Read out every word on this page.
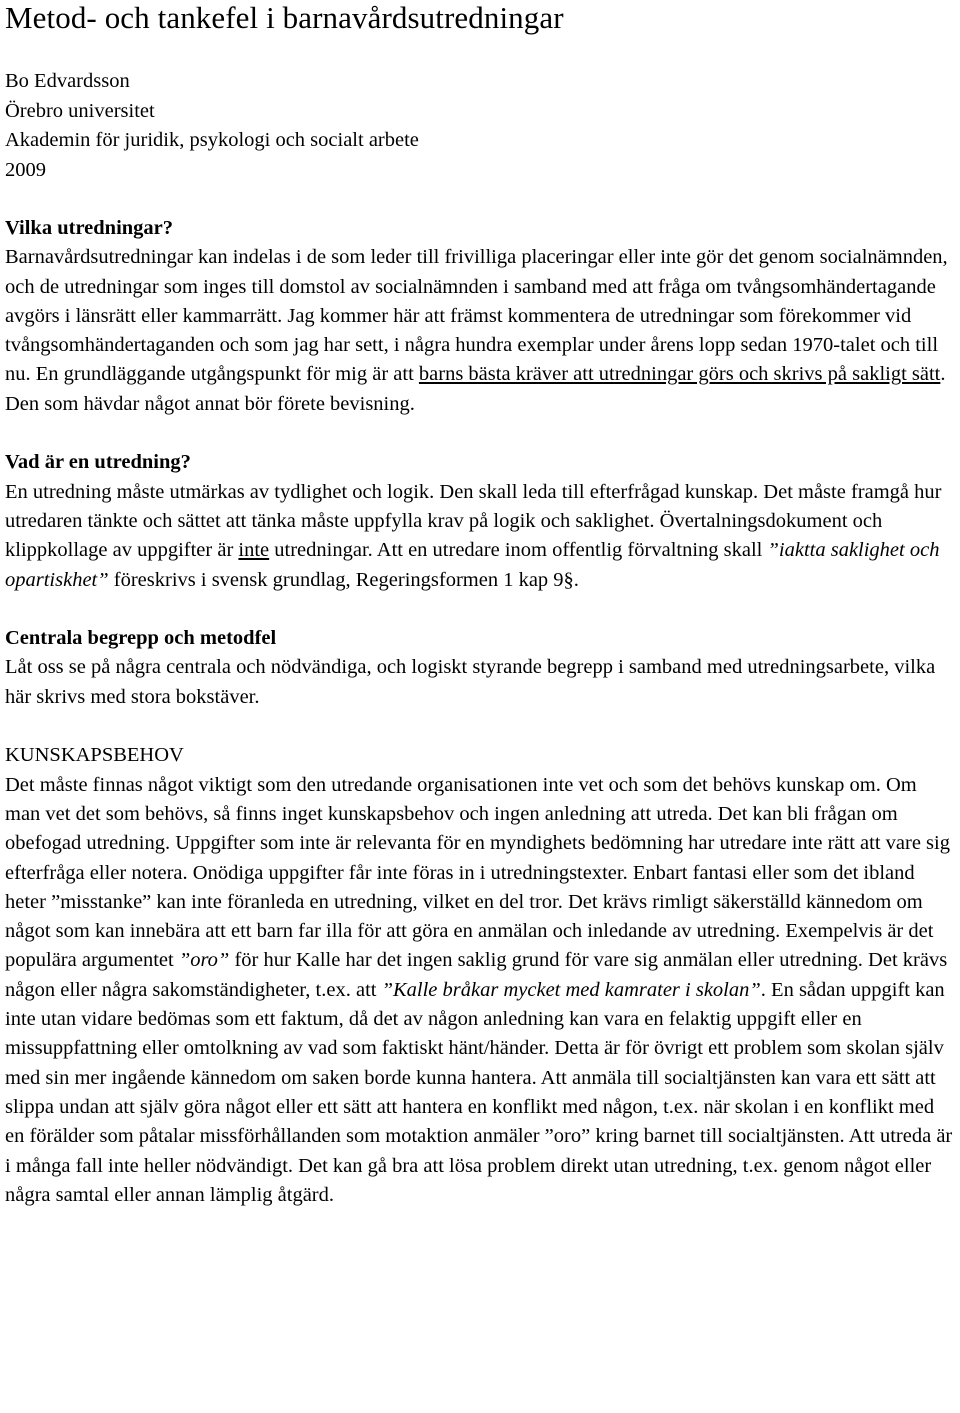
Metod- och tankefel i barnavårdsutredningar
Bo Edvardsson
Örebro universitet
Akademin för juridik, psykologi och socialt arbete
2009

Vilka utredningar?

Barnavårdsutredningar kan indelas i de som leder till frivilliga placeringar eller inte gör det genom socialnämnden, och de utredningar som inges till domstol av socialnämnden i samband med att fråga om tvångsomhändertagande avgörs i länsrätt eller kammarrätt. Jag kommer här att främst kommentera de utredningar som förekommer vid tvångsomhändertaganden och som jag har sett, i några hundra exemplar under årens lopp sedan 1970-talet och till nu. En grundläggande utgångspunkt för mig är att barns bästa kräver att utredningar görs och skrivs på sakligt sätt. Den som hävdar något annat bör förete bevisning.

Vad är en utredning?

En utredning måste utmärkas av tydlighet och logik. Den skall leda till efterfrågad kunskap. Det måste framgå hur utredaren tänkte och sättet att tänka måste uppfylla krav på logik och saklighet. Övertalningsdokument och klippkollage av uppgifter är inte utredningar. Att en utredare inom offentlig förvaltning skall ”iaktta saklighet och opartiskhet” föreskrivs i svensk grundlag, Regeringsformen 1 kap 9§.

Centrala begrepp och metodfel

Låt oss se på några centrala och nödvändiga, och logiskt styrande begrepp i samband med utredningsarbete, vilka här skrivs med stora bokstäver.

KUNSKAPSBEHOV

Det måste finnas något viktigt som den utredande organisationen inte vet och som det behövs kunskap om. Om man vet det som behövs, så finns inget kunskapsbehov och ingen anledning att utreda. Det kan bli frågan om obefogad utredning. Uppgifter som inte är relevanta för en myndighets bedömning har utredare inte rätt att vare sig efterfråga eller notera. Onödiga uppgifter får inte föras in i utredningstexter. Enbart fantasi eller som det ibland heter ”misstanke” kan inte föranleda en utredning, vilket en del tror. Det krävs rimligt säkerställd kännedom om något som kan innebära att ett barn far illa för att göra en anmälan och inledande av utredning. Exempelvis är det populära argumentet ”oro” för hur Kalle har det ingen saklig grund för vare sig anmälan eller utredning. Det krävs någon eller några sakomständigheter, t.ex. att ”Kalle bråkar mycket med kamrater i skolan”. En sådan uppgift kan inte utan vidare bedömas som ett faktum, då det av någon anledning kan vara en felaktig uppgift eller en missuppfattning eller omtolkning av vad som faktiskt hänt/händer. Detta är för övrigt ett problem som skolan själv med sin mer ingående kännedom om saken borde kunna hantera. Att anmäla till socialtjänsten kan vara ett sätt att slippa undan att själv göra något eller ett sätt att hantera en konflikt med någon, t.ex. när skolan i en konflikt med en förälder som påtalar missförhållanden som motaktion anmäler ”oro” kring barnet till socialtjänsten. Att utreda är i många fall inte heller nödvändigt. Det kan gå bra att lösa problem direkt utan utredning, t.ex. genom något eller några samtal eller annan lämplig åtgärd.
